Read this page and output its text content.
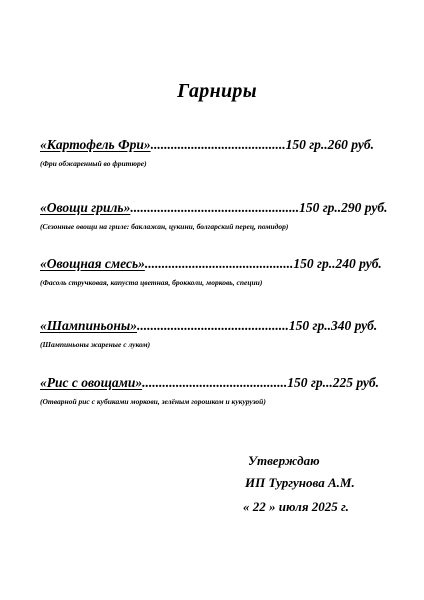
Гарниры
«Картофель Фри»........................................150 гр..260 руб.
(Фри обжаренный во фритюре)
«Овощи гриль»..................................................150 гр..290 руб.
(Сезонные овощи на гриле: баклажан, цукини, болгарский перец, помидор)
«Овощная смесь»............................................150 гр..240 руб.
(Фасоль стручковая, капуста цветная, брокколи, морковь, специи)
«Шампиньоны».............................................150 гр..340 руб.
(Шампиньоны жареные с луком)
«Рис с овощами»...........................................150 гр...225 руб.
(Отварной рис с кубиками моркови, зелёным горошком и кукурузой)
Утверждаю
ИП Тургунова А.М.
« 22 » июля 2025 г.
